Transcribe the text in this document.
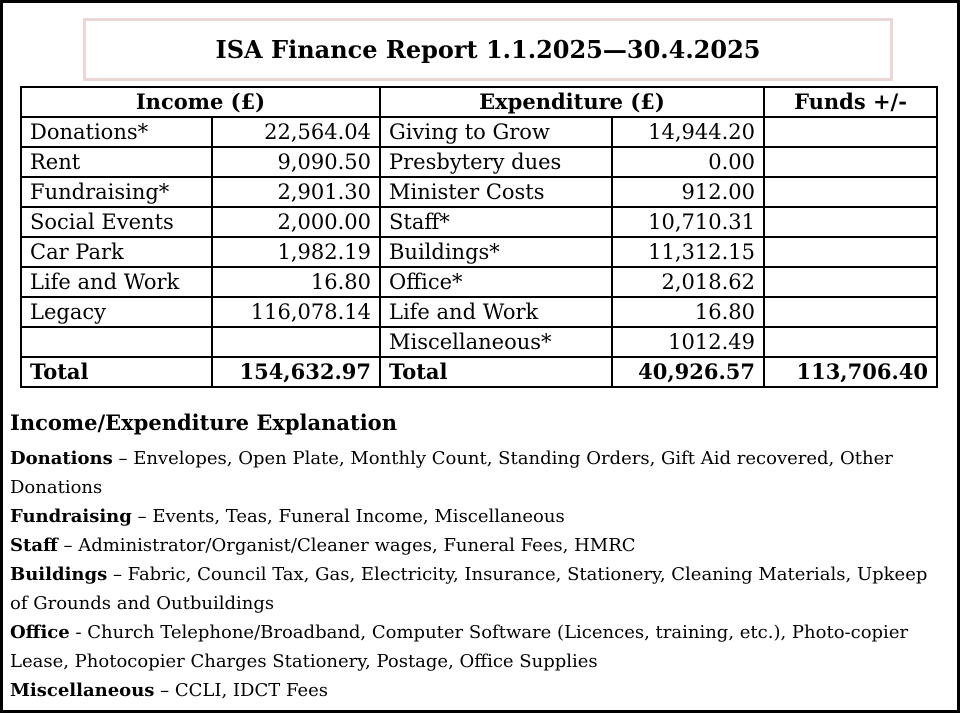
ISA Finance Report 1.1.2025—30.4.2025
Income (£)		Expenditure (£)		Funds +/-
Donations*	22,564.04	Giving to Grow	14,944.20	
Rent	9,090.50	Presbytery dues	0.00	
Fundraising*	2,901.30	Minister Costs	912.00	
Social Events	2,000.00	Staff*	10,710.31	
Car Park	1,982.19	Buildings*	11,312.15	
Life and Work	16.80	Office*	2,018.62	
Legacy	116,078.14	Life and Work	16.80	
		Miscellaneous*	1012.49	
Total	154,632.97	Total	40,926.57	113,706.40
Income/Expenditure Explanation

Donations – Envelopes, Open Plate, Monthly Count, Standing Orders, Gift Aid recovered, Other Donations

Fundraising – Events, Teas, Funeral Income, Miscellaneous

Staff – Administrator/Organist/Cleaner wages, Funeral Fees, HMRC

Buildings – Fabric, Council Tax, Gas, Electricity, Insurance, Stationery, Cleaning Materials, Upkeep of Grounds and Outbuildings

Office - Church Telephone/Broadband, Computer Software (Licences, training, etc.), Photo-copier Lease, Photocopier Charges Stationery, Postage, Office Supplies

Miscellaneous – CCLI, IDCT Fees
